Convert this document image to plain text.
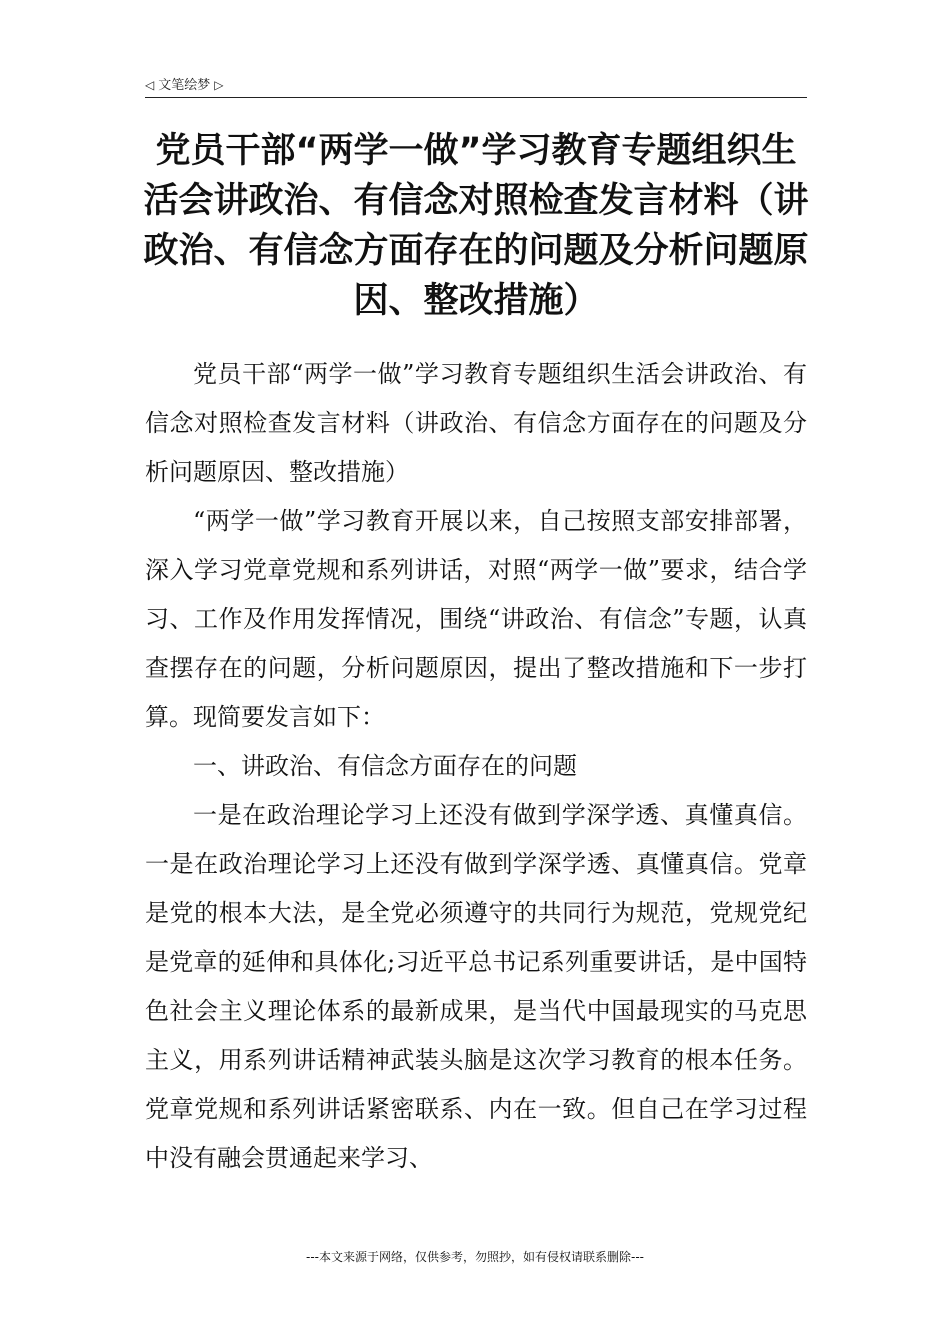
◁ 文笔绘梦 ▷
党员干部“两学一做”学习教育专题组织生活会讲政治、有信念对照检查发言材料（讲政治、有信念方面存在的问题及分析问题原因、整改措施）

党员干部“两学一做”学习教育专题组织生活会讲政治、有信念对照检查发言材料（讲政治、有信念方面存在的问题及分析问题原因、整改措施）

“两学一做”学习教育开展以来，自己按照支部安排部署，深入学习党章党规和系列讲话，对照“两学一做”要求，结合学习、工作及作用发挥情况，围绕“讲政治、有信念”专题，认真查摆存在的问题，分析问题原因，提出了整改措施和下一步打算。现简要发言如下：

一、讲政治、有信念方面存在的问题

一是在政治理论学习上还没有做到学深学透、真懂真信。一是在政治理论学习上还没有做到学深学透、真懂真信。党章是党的根本大法，是全党必须遵守的共同行为规范，党规党纪是党章的延伸和具体化;习近平总书记系列重要讲话，是中国特色社会主义理论体系的最新成果，是当代中国最现实的马克思主义，用系列讲话精神武装头脑是这次学习教育的根本任务。党章党规和系列讲话紧密联系、内在一致。但自己在学习过程中没有融会贯通起来学习、

---本文来源于网络，仅供参考，勿照抄，如有侵权请联系删除---
